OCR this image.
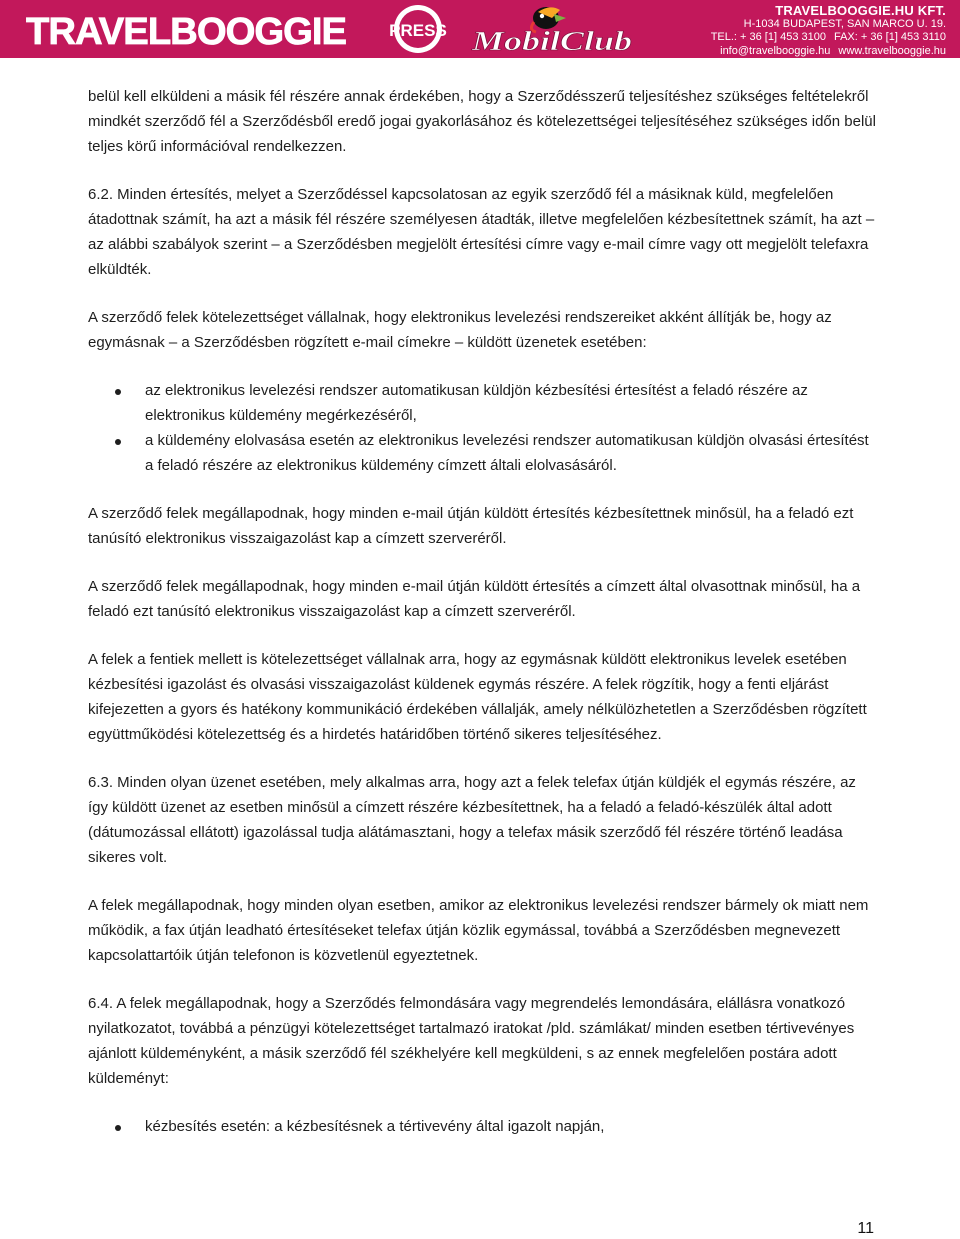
TRAVELBOOGGIE	PRESS MobilClub
TRAVELBOOGGIE.HU KFT.
H-1034 BUDAPEST, SAN MARCO U. 19.
TEL.: + 36 [1] 453 3100 FAX: + 36 [1] 453 3110
info@travelbooggie.hu www.travelbooggie.hu

belül kell elküldeni a másik fél részére annak érdekében, hogy a Szerződésszerű teljesítéshez szükséges feltételekről mindkét szerződő fél a Szerződésből eredő jogai gyakorlásához és kötelezettségei teljesítéséhez szükséges időn belül teljes körű információval rendelkezzen.

6.2. Minden értesítés, melyet a Szerződéssel kapcsolatosan az egyik szerződő fél a másiknak küld, megfelelően átadottnak számít, ha azt a másik fél részére személyesen átadták, illetve megfelelően kézbesítettnek számít, ha azt – az alábbi szabályok szerint – a Szerződésben megjelölt értesítési címre vagy e-mail címre vagy ott megjelölt telefaxra elküldték.

A szerződő felek kötelezettséget vállalnak, hogy elektronikus levelezési rendszereiket akként állítják be, hogy az egymásnak – a Szerződésben rögzített e-mail címekre – küldött üzenetek esetében:

az elektronikus levelezési rendszer automatikusan küldjön kézbesítési értesítést a feladó részére az elektronikus küldemény megérkezéséről,
a küldemény elolvasása esetén az elektronikus levelezési rendszer automatikusan küldjön olvasási értesítést a feladó részére az elektronikus küldemény címzett általi elolvasásáról.

A szerződő felek megállapodnak, hogy minden e-mail útján küldött értesítés kézbesítettnek minősül, ha a feladó ezt tanúsító elektronikus visszaigazolást kap a címzett szerveréről.

A szerződő felek megállapodnak, hogy minden e-mail útján küldött értesítés a címzett által olvasottnak minősül, ha a feladó ezt tanúsító elektronikus visszaigazolást kap a címzett szerveréről.

A felek a fentiek mellett is kötelezettséget vállalnak arra, hogy az egymásnak küldött elektronikus levelek esetében kézbesítési igazolást és olvasási visszaigazolást küldenek egymás részére. A felek rögzítik, hogy a fenti eljárást kifejezetten a gyors és hatékony kommunikáció érdekében vállalják, amely nélkülözhetetlen a Szerződésben rögzített együttműködési kötelezettség és a hirdetés határidőben történő sikeres teljesítéséhez.

6.3. Minden olyan üzenet esetében, mely alkalmas arra, hogy azt a felek telefax útján küldjék el egymás részére, az így küldött üzenet az esetben minősül a címzett részére kézbesítettnek, ha a feladó a feladó-készülék által adott (dátumozással ellátott) igazolással tudja alátámasztani, hogy a telefax másik szerződő fél részére történő leadása sikeres volt.

A felek megállapodnak, hogy minden olyan esetben, amikor az elektronikus levelezési rendszer bármely ok miatt nem működik, a fax útján leadható értesítéseket telefax útján közlik egymással, továbbá a Szerződésben megnevezett kapcsolattartóik útján telefonon is közvetlenül egyeztetnek.

6.4. A felek megállapodnak, hogy a Szerződés felmondására vagy megrendelés lemondására, elállásra vonatkozó nyilatkozatot, továbbá a pénzügyi kötelezettséget tartalmazó iratokat /pld. számlákat/ minden esetben tértivevényes ajánlott küldeményként, a másik szerződő fél székhelyére kell megküldeni, s az ennek megfelelően postára adott küldeményt:

kézbesítés esetén: a kézbesítésnek a tértivevény által igazolt napján,
11
